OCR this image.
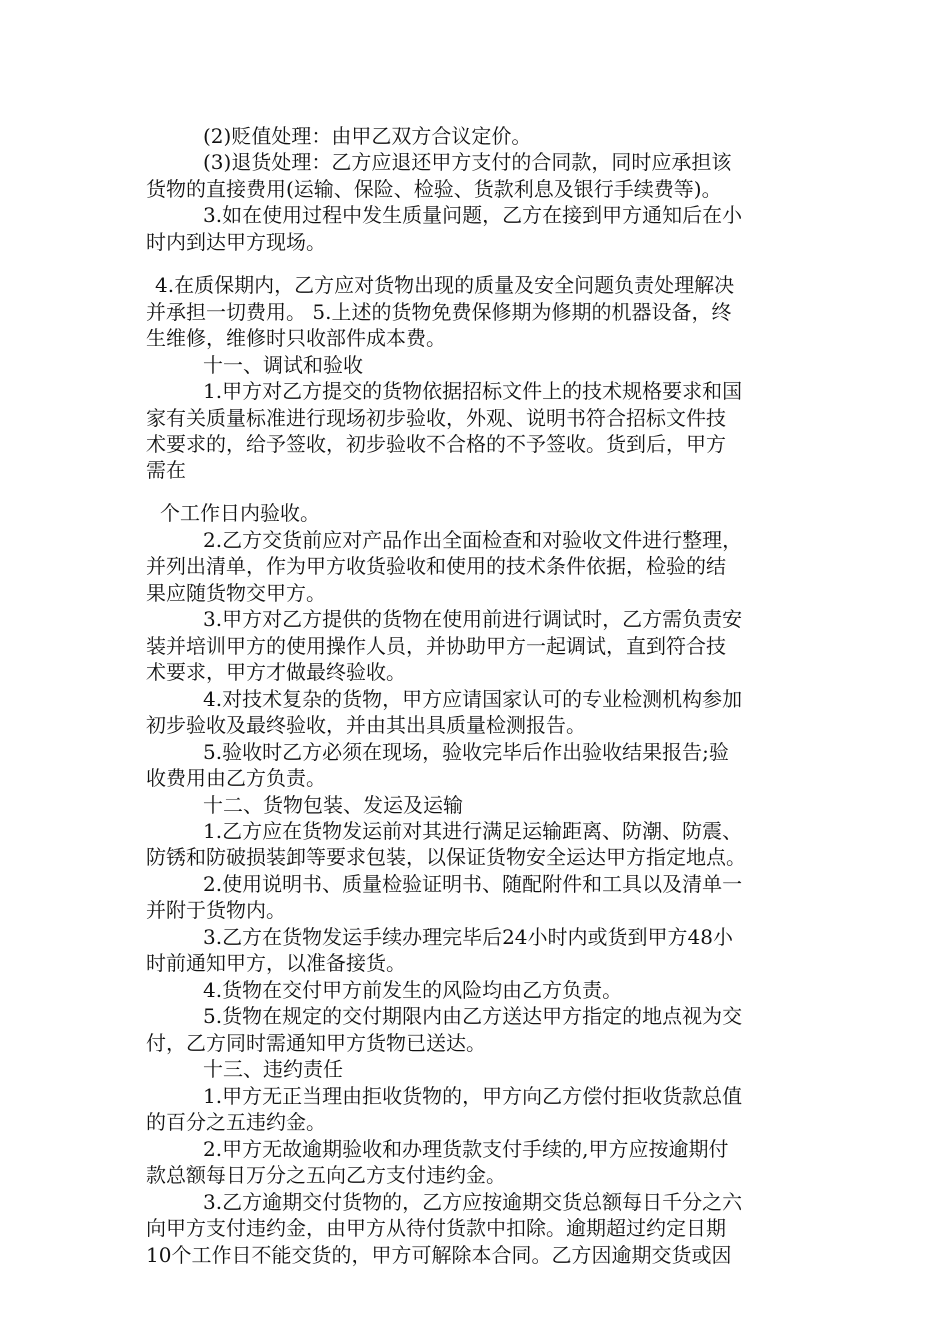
(2)贬值处理：由甲乙双方合议定价。

(3)退货处理：乙方应退还甲方支付的合同款，同时应承担该

货物的直接费用(运输、保险、检验、货款利息及银行手续费等)。

3.如在使用过程中发生质量问题，乙方在接到甲方通知后在小

时内到达甲方现场。

4.在质保期内，乙方应对货物出现的质量及安全问题负责处理解决

并承担一切费用。 5.上述的货物免费保修期为修期的机器设备，终

生维修，维修时只收部件成本费。

十一、调试和验收

1.甲方对乙方提交的货物依据招标文件上的技术规格要求和国

家有关质量标准进行现场初步验收，外观、说明书符合招标文件技

术要求的，给予签收，初步验收不合格的不予签收。货到后，甲方

需在

个工作日内验收。

2.乙方交货前应对产品作出全面检查和对验收文件进行整理，

并列出清单，作为甲方收货验收和使用的技术条件依据，检验的结

果应随货物交甲方。

3.甲方对乙方提供的货物在使用前进行调试时，乙方需负责安

装并培训甲方的使用操作人员，并协助甲方一起调试，直到符合技

术要求，甲方才做最终验收。

4.对技术复杂的货物，甲方应请国家认可的专业检测机构参加

初步验收及最终验收，并由其出具质量检测报告。

5.验收时乙方必须在现场，验收完毕后作出验收结果报告;验

收费用由乙方负责。

十二、货物包装、发运及运输

1.乙方应在货物发运前对其进行满足运输距离、防潮、防震、

防锈和防破损装卸等要求包装，以保证货物安全运达甲方指定地点。

2.使用说明书、质量检验证明书、随配附件和工具以及清单一

并附于货物内。

3.乙方在货物发运手续办理完毕后24小时内或货到甲方48小

时前通知甲方，以准备接货。

4.货物在交付甲方前发生的风险均由乙方负责。

5.货物在规定的交付期限内由乙方送达甲方指定的地点视为交

付，乙方同时需通知甲方货物已送达。

十三、违约责任

1.甲方无正当理由拒收货物的，甲方向乙方偿付拒收货款总值

的百分之五违约金。

2.甲方无故逾期验收和办理货款支付手续的,甲方应按逾期付

款总额每日万分之五向乙方支付违约金。

3.乙方逾期交付货物的，乙方应按逾期交货总额每日千分之六

向甲方支付违约金，由甲方从待付货款中扣除。逾期超过约定日期

10个工作日不能交货的，甲方可解除本合同。乙方因逾期交货或因
